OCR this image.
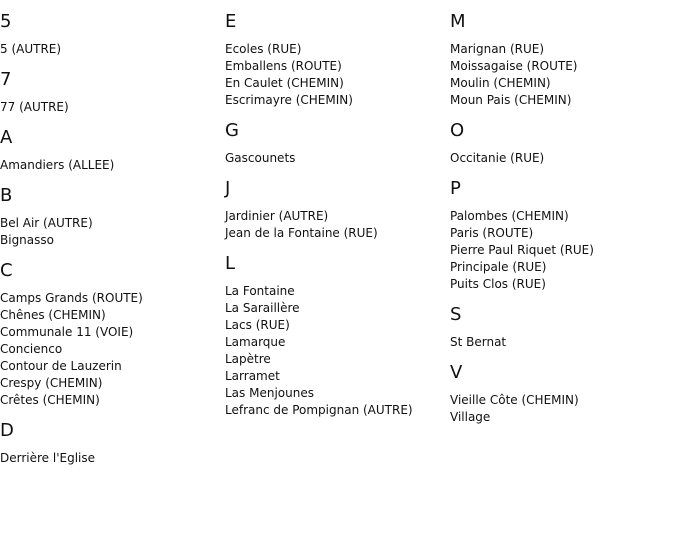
5
5 (AUTRE)
7
77 (AUTRE)
A
Amandiers (ALLEE)
B
Bel Air (AUTRE)
Bignasso
C
Camps Grands (ROUTE)
Chênes (CHEMIN)
Communale 11 (VOIE)
Concienco
Contour de Lauzerin
Crespy (CHEMIN)
Crêtes (CHEMIN)
D
Derrière l'Eglise
E
Ecoles (RUE)
Emballens (ROUTE)
En Caulet (CHEMIN)
Escrimayre (CHEMIN)
G
Gascounets
J
Jardinier (AUTRE)
Jean de la Fontaine (RUE)
L
La Fontaine
La Saraillère
Lacs (RUE)
Lamarque
Lapètre
Larramet
Las Menjounes
Lefranc de Pompignan (AUTRE)
M
Marignan (RUE)
Moissagaise (ROUTE)
Moulin (CHEMIN)
Moun Pais (CHEMIN)
O
Occitanie (RUE)
P
Palombes (CHEMIN)
Paris (ROUTE)
Pierre Paul Riquet (RUE)
Principale (RUE)
Puits Clos (RUE)
S
St Bernat
V
Vieille Côte (CHEMIN)
Village
